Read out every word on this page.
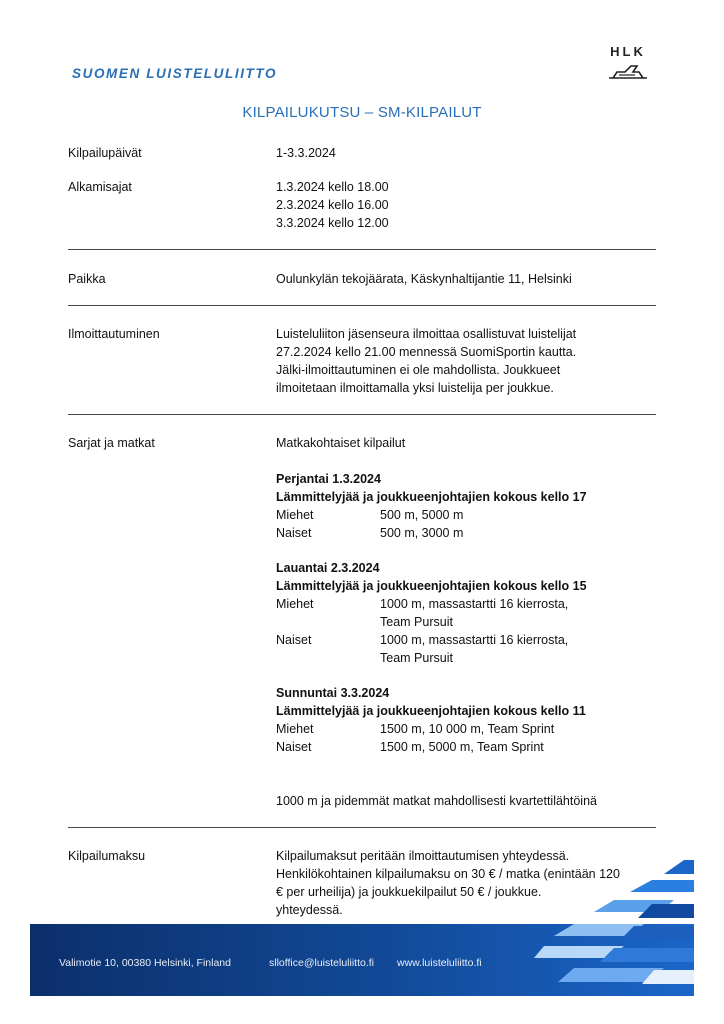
SUOMEN LUISTELULIITTO
HLK
KILPAILUKUTSU – SM-KILPAILUT
Kilpailupäivät	1-3.3.2024
Alkamisajat	1.3.2024 kello 18.00
2.3.2024 kello 16.00
3.3.2024 kello 12.00
Paikka	Oulunkylän tekojäärata, Käskynhaltijantie 11, Helsinki
Ilmoittautuminen	Luisteluliiton jäsenseura ilmoittaa osallistuvat luistelijat
27.2.2024 kello 21.00 mennessä SuomiSportin kautta.
Jälki-ilmoittautuminen ei ole mahdollista. Joukkueet
ilmoitetaan ilmoittamalla yksi luistelija per joukkue.
Sarjat ja matkat	Matkakohtaiset kilpailut
Perjantai 1.3.2024
Lämmittelyjää ja joukkueenjohtajien kokous kello 17
Miehet	500 m, 5000 m
Naiset	500 m, 3000 m
Lauantai 2.3.2024
Lämmittelyjää ja joukkueenjohtajien kokous kello 15
Miehet	1000 m, massastartti 16 kierrosta,
Team Pursuit
Naiset	1000 m, massastartti 16 kierrosta,
Team Pursuit
Sunnuntai 3.3.2024
Lämmittelyjää ja joukkueenjohtajien kokous kello 11
Miehet	1500 m, 10 000 m, Team Sprint
Naiset	1500 m, 5000 m, Team Sprint
1000 m ja pidemmät matkat mahdollisesti kvartettilähtöinä
Kilpailumaksu	Kilpailumaksut peritään ilmoittautumisen yhteydessä.
Henkilökohtainen kilpailumaksu on 30 € / matka (enintään 120
€ per urheilija) ja joukkuekilpailut 50 € / joukkue.
yhteydessä.
Valimotie 10, 00380 Helsinki, Finland	slloffice@luisteluliitto.fi www.luisteluliitto.fi
